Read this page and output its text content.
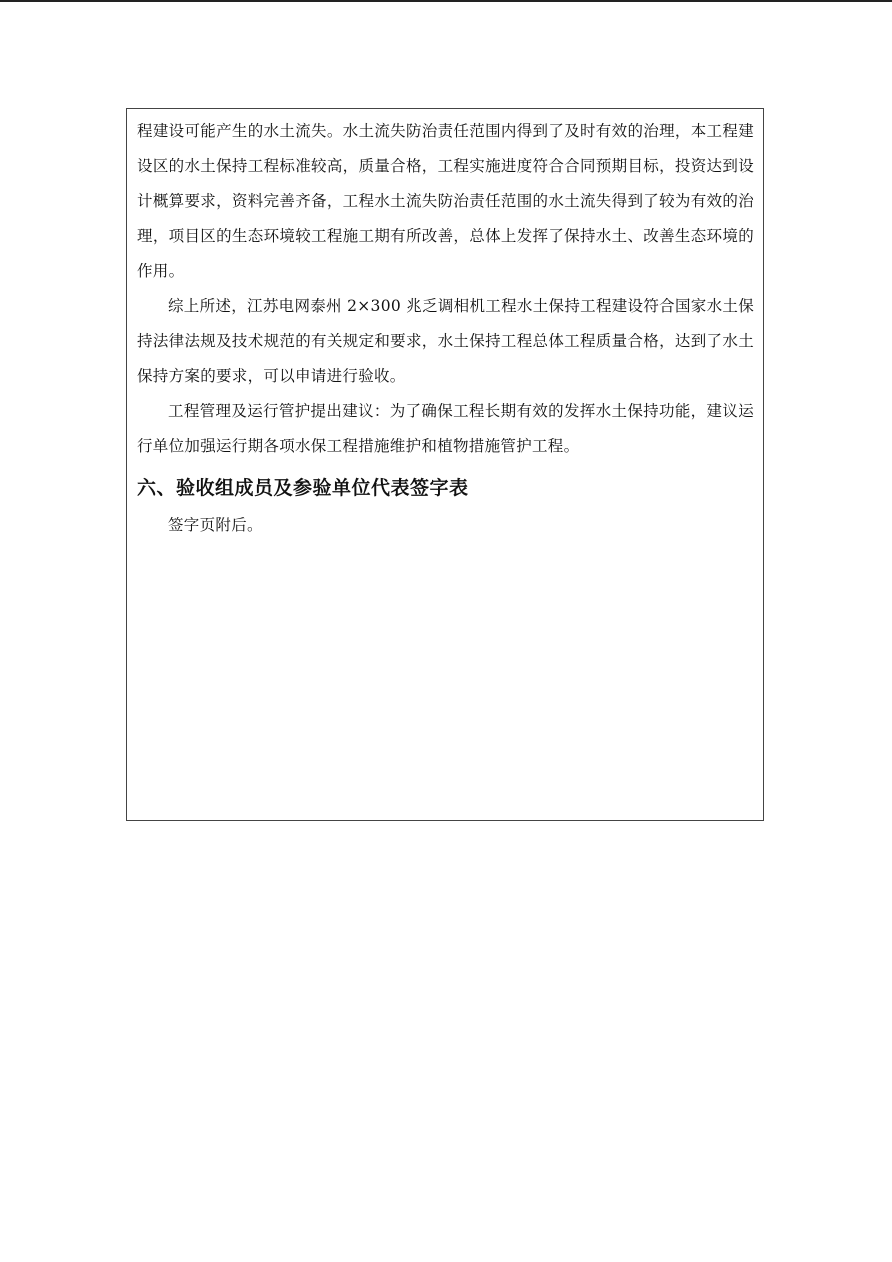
程建设可能产生的水土流失。水土流失防治责任范围内得到了及时有效的治理，本工程建设区的水土保持工程标准较高，质量合格，工程实施进度符合合同预期目标，投资达到设计概算要求，资料完善齐备，工程水土流失防治责任范围的水土流失得到了较为有效的治理，项目区的生态环境较工程施工期有所改善，总体上发挥了保持水土、改善生态环境的作用。

综上所述，江苏电网泰州 2×300 兆乏调相机工程水土保持工程建设符合国家水土保持法律法规及技术规范的有关规定和要求，水土保持工程总体工程质量合格，达到了水土保持方案的要求，可以申请进行验收。

工程管理及运行管护提出建议：为了确保工程长期有效的发挥水土保持功能，建议运行单位加强运行期各项水保工程措施维护和植物措施管护工程。

六、验收组成员及参验单位代表签字表

签字页附后。
